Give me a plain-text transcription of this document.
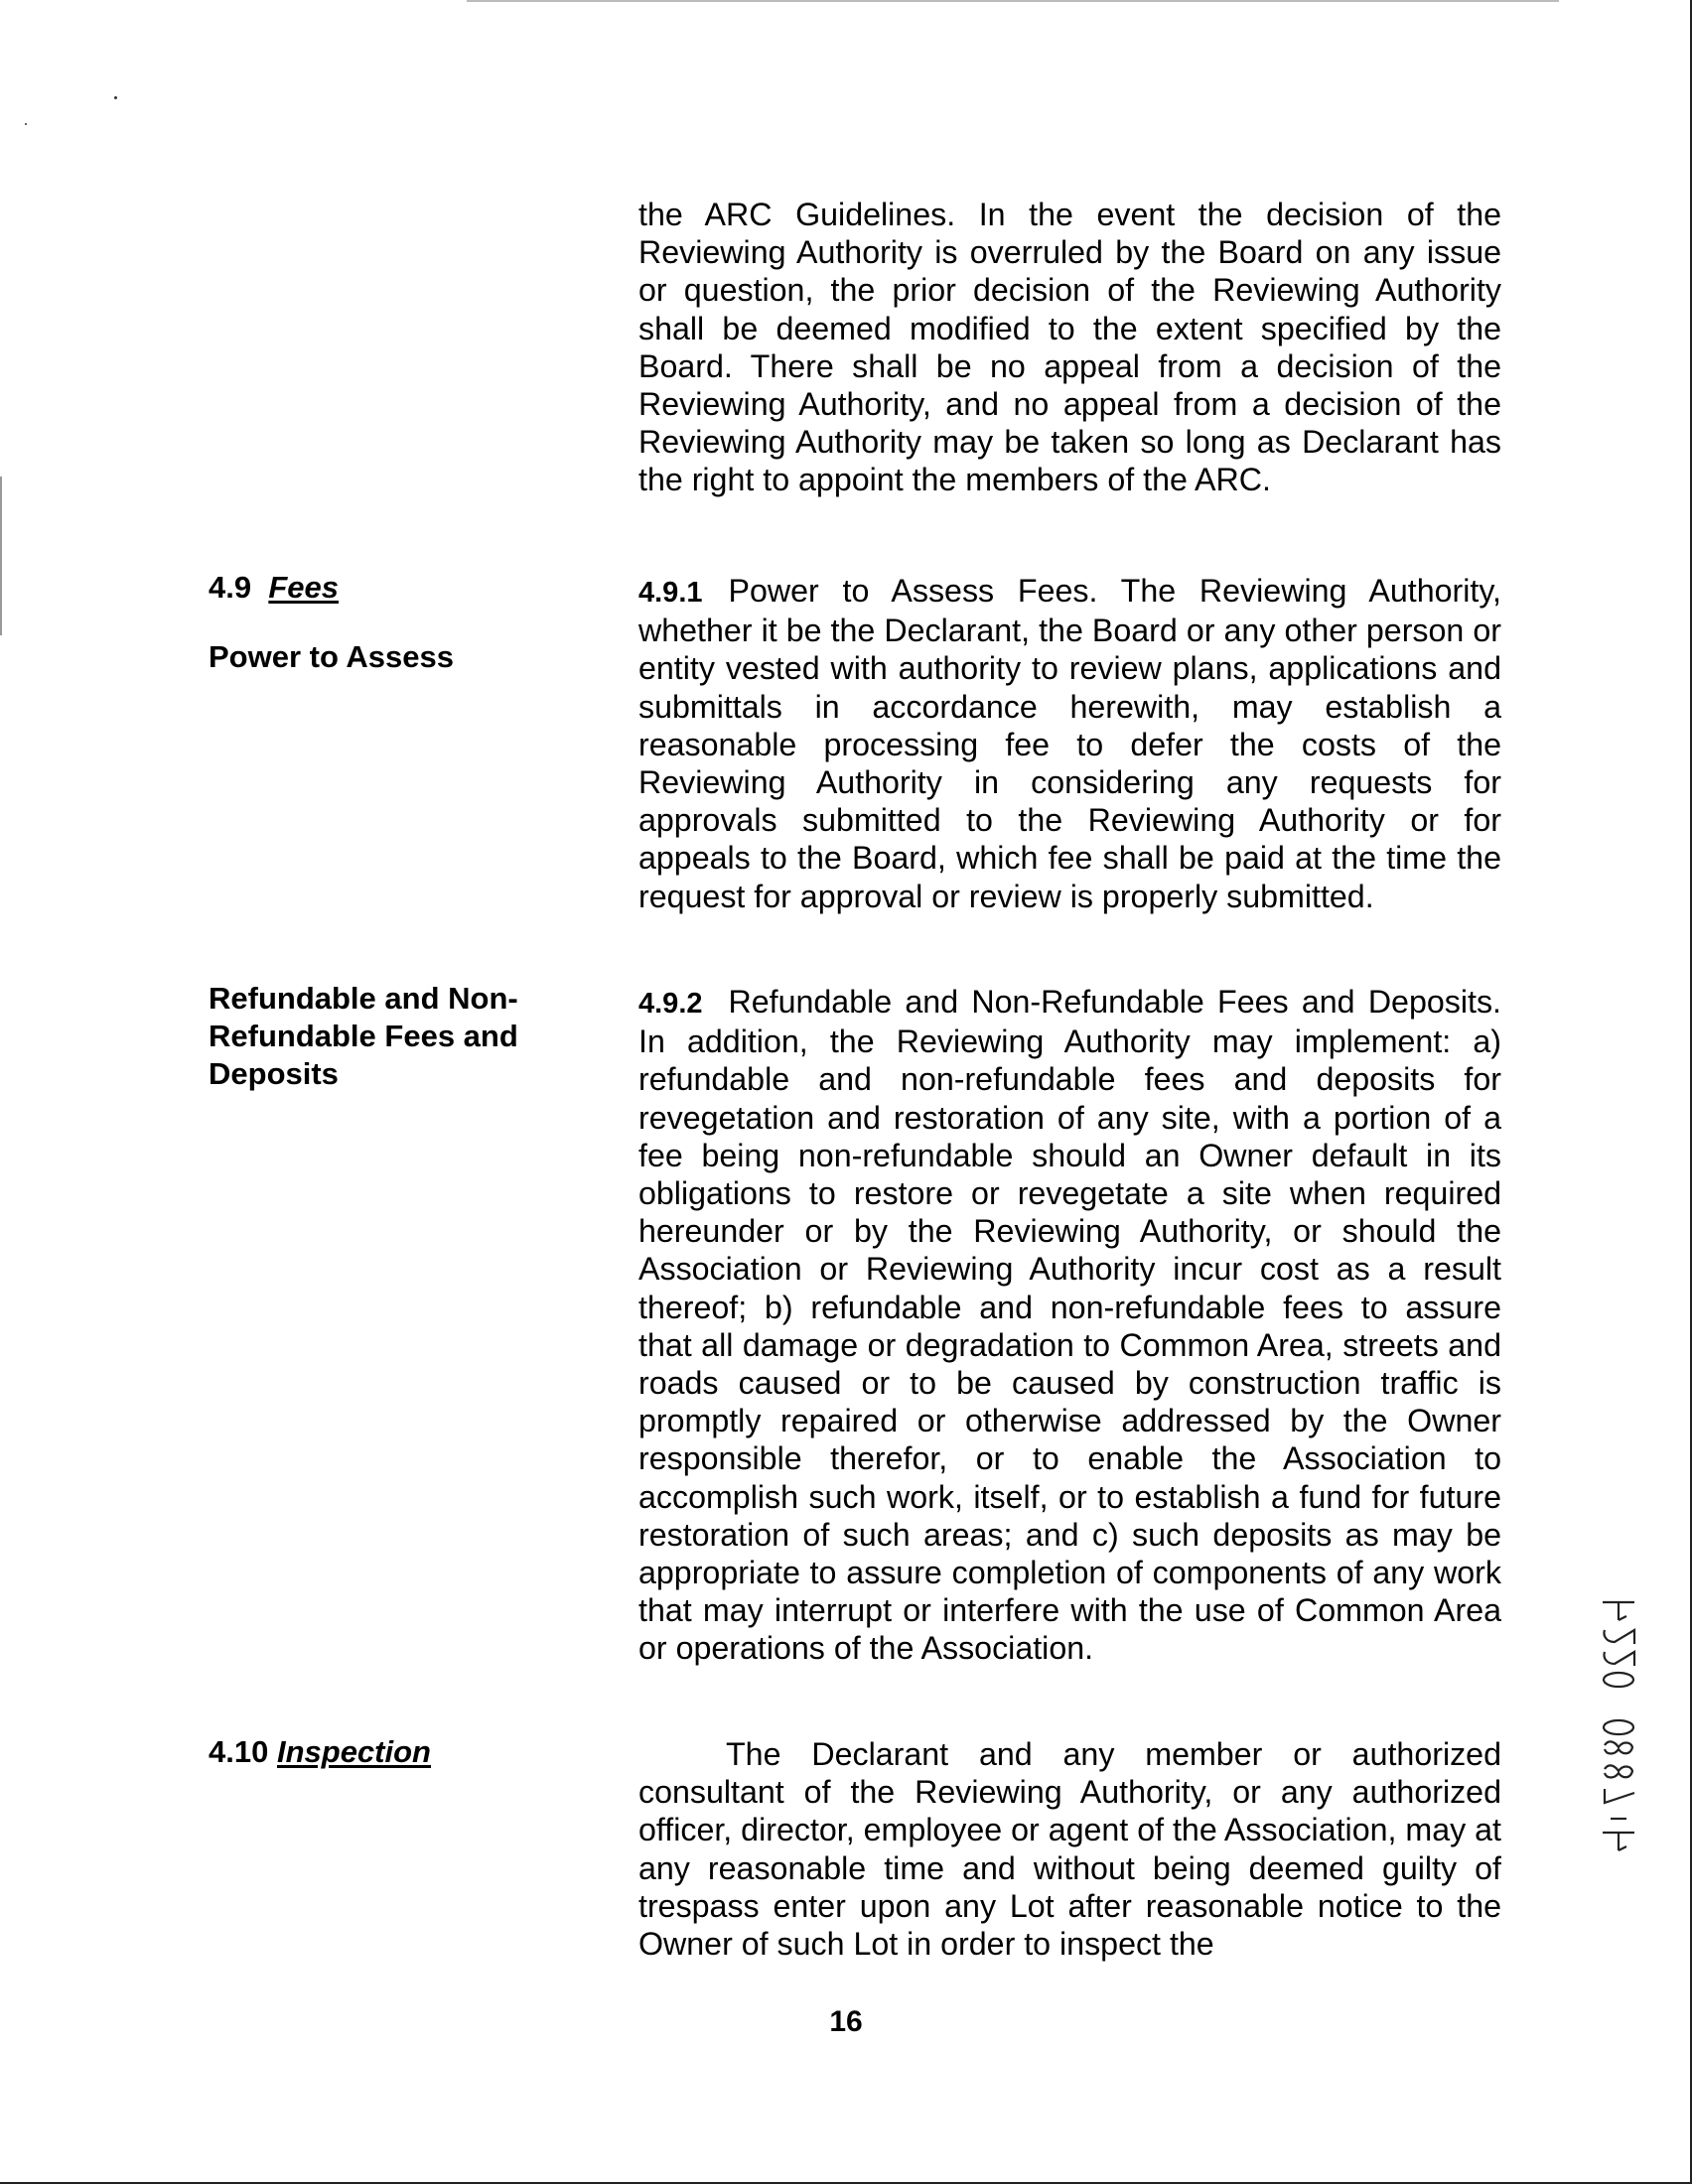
the ARC Guidelines. In the event the decision of the Reviewing Authority is overruled by the Board on any issue or question, the prior decision of the Reviewing Authority shall be deemed modified to the extent specified by the Board. There shall be no appeal from a decision of the Reviewing Authority, and no appeal from a decision of the Reviewing Authority may be taken so long as Declarant has the right to appoint the members of the ARC.
4.9 Fees
Power to Assess
4.9.1 Power to Assess Fees. The Reviewing Authority, whether it be the Declarant, the Board or any other person or entity vested with authority to review plans, applications and submittals in accordance herewith, may establish a reasonable processing fee to defer the costs of the Reviewing Authority in considering any requests for approvals submitted to the Reviewing Authority or for appeals to the Board, which fee shall be paid at the time the request for approval or review is properly submitted.
Refundable and Non-Refundable Fees and Deposits
4.9.2 Refundable and Non-Refundable Fees and Deposits. In addition, the Reviewing Authority may implement: a) refundable and non-refundable fees and deposits for revegetation and restoration of any site, with a portion of a fee being non-refundable should an Owner default in its obligations to restore or revegetate a site when required hereunder or by the Reviewing Authority, or should the Association or Reviewing Authority incur cost as a result thereof; b) refundable and non-refundable fees to assure that all damage or degradation to Common Area, streets and roads caused or to be caused by construction traffic is promptly repaired or otherwise addressed by the Owner responsible therefor, or to enable the Association to accomplish such work, itself, or to establish a fund for future restoration of such areas; and c) such deposits as may be appropriate to assure completion of components of any work that may interrupt or interfere with the use of Common Area or operations of the Association.
4.10 Inspection	The Declarant and any member or authorized consultant of the Reviewing Authority, or any authorized officer, director, employee or agent of the Association, may at any reasonable time and without being deemed guilty of trespass enter upon any Lot after reasonable notice to the Owner of such Lot in order to inspect the
16
